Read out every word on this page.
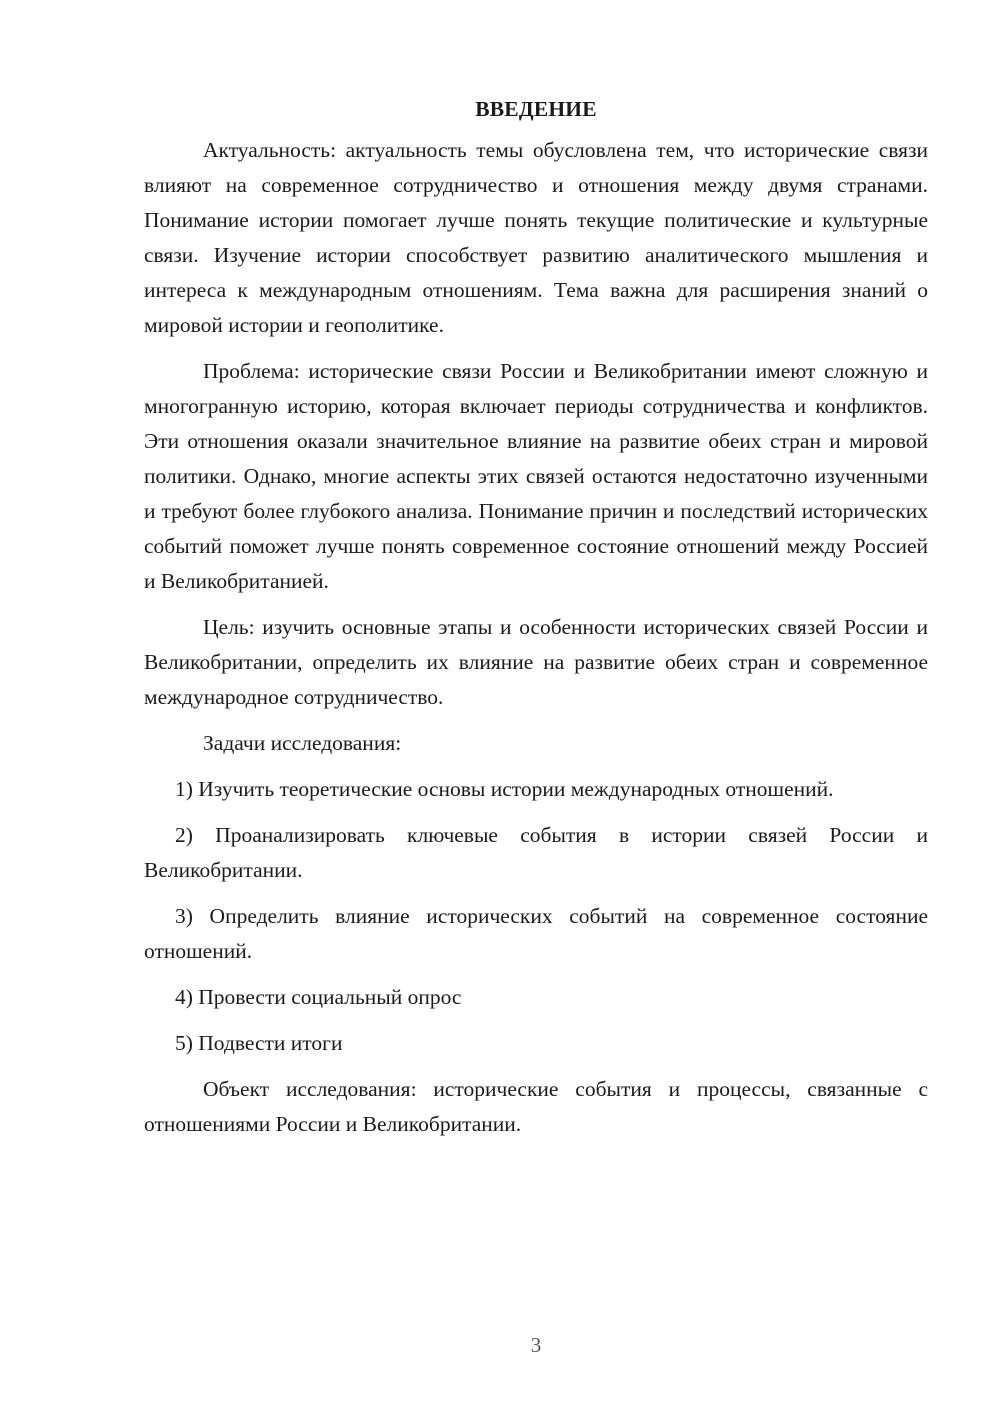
ВВЕДЕНИЕ

Актуальность: актуальность темы обусловлена тем, что исторические связи влияют на современное сотрудничество и отношения между двумя странами. Понимание истории помогает лучше понять текущие политические и культурные связи. Изучение истории способствует развитию аналитического мышления и интереса к международным отношениям. Тема важна для расширения знаний о мировой истории и геополитике.

Проблема: исторические связи России и Великобритании имеют сложную и многогранную историю, которая включает периоды сотрудничества и конфликтов. Эти отношения оказали значительное влияние на развитие обеих стран и мировой политики. Однако, многие аспекты этих связей остаются недостаточно изученными и требуют более глубокого анализа. Понимание причин и последствий исторических событий поможет лучше понять современное состояние отношений между Россией и Великобританией.

Цель: изучить основные этапы и особенности исторических связей России и Великобритании, определить их влияние на развитие обеих стран и современное международное сотрудничество.

Задачи исследования:

1) Изучить теоретические основы истории международных отношений.

2) Проанализировать ключевые события в истории связей России и Великобритании.

3) Определить влияние исторических событий на современное состояние отношений.

4) Провести социальный опрос

5) Подвести итоги

Объект исследования: исторические события и процессы, связанные с отношениями России и Великобритании.

3
